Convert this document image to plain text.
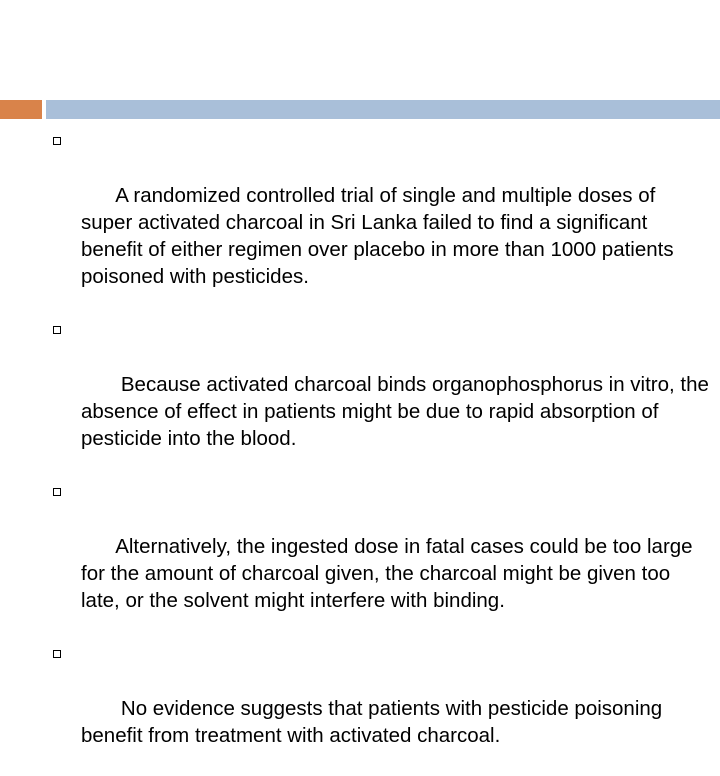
A randomized controlled trial of single and multiple doses of super activated charcoal in Sri Lanka failed to find a significant benefit of either regimen over placebo in more than 1000 patients poisoned with pesticides.

Because activated charcoal binds organophosphorus in vitro, the absence of effect in patients might be due to rapid absorption of pesticide into the blood.

Alternatively, the ingested dose in fatal cases could be too large for the amount of charcoal given, the charcoal might be given too late, or the solvent might interfere with binding.

No evidence suggests that patients with pesticide poisoning benefit from treatment with activated charcoal.
